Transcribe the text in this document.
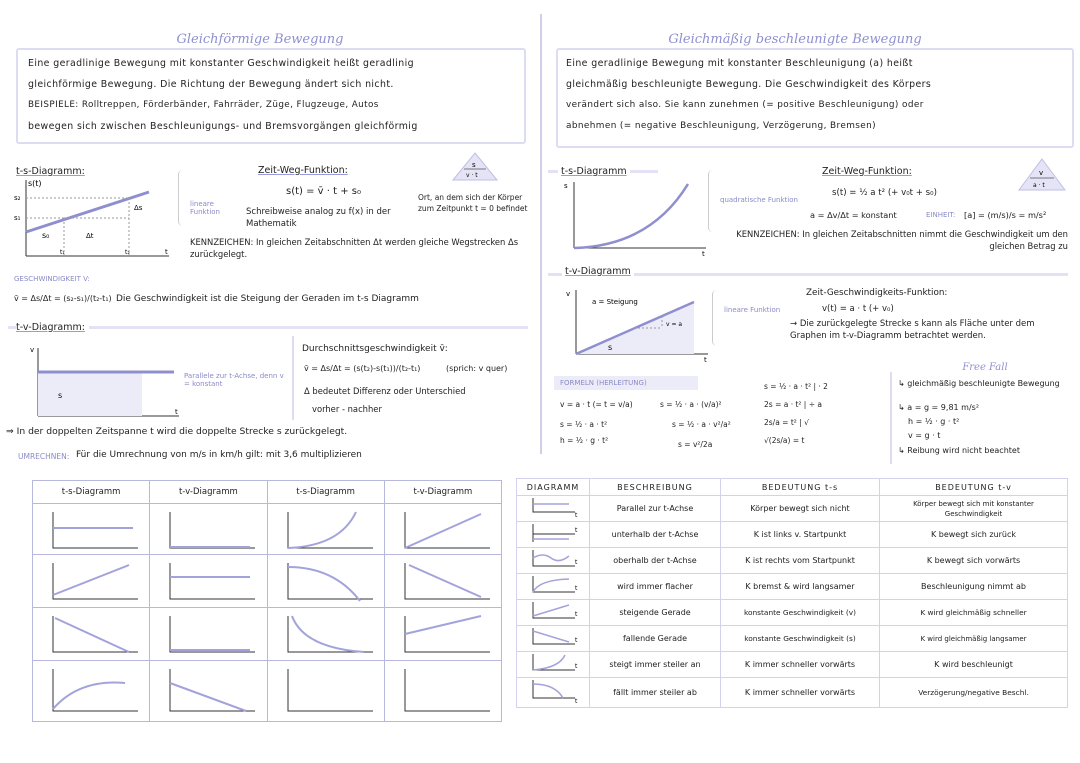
Gleichförmige Bewegung

Eine geradlinige Bewegung mit konstanter Geschwindigkeit heißt geradlinig

gleichförmige Bewegung. Die Richtung der Bewegung ändert sich nicht.

BEISPIELE: Rolltreppen, Förderbänder, Fahrräder, Züge, Flugzeuge, Autos

bewegen sich zwischen Beschleunigungs- und Bremsvorgängen gleichförmig

t-s-Diagramm:
s(t)
s₂
s₁
s₀
Δs
Δt
t₁	t₂	t
lineare Funktion
Zeit-Weg-Funktion:
s(t) = v̄ · t + s₀
Schreibweise analog zu f(x) in der Mathematik
Ort, an dem sich der Körper zum Zeitpunkt t = 0 befindet
s
v · t
KENNZEICHEN: In gleichen Zeitabschnitten Δt werden gleiche Wegstrecken Δs zurückgelegt.
GESCHWINDIGKEIT V:
v̄ = Δs/Δt = (s₂-s₁)/(t₂-t₁) Die Geschwindigkeit ist die Steigung der Geraden im t-s Diagramm
t-v-Diagramm:
v
s
t
Parallele zur t-Achse, denn v = konstant
Durchschnittsgeschwindigkeit v̄:
v̄ = Δs/Δt = (s(t₂)-s(t₁))/(t₂-t₁)	(sprich: v quer)
Δ bedeutet Differenz oder Unterschied
vorher - nachher
⇒ In der doppelten Zeitspanne t wird die doppelte Strecke s zurückgelegt.
UMRECHNEN: Für die Umrechnung von m/s in km/h gilt: mit 3,6 multiplizieren
Gleichmäßig beschleunigte Bewegung

Eine geradlinige Bewegung mit konstanter Beschleunigung (a) heißt

gleichmäßig beschleunigte Bewegung. Die Geschwindigkeit des Körpers

verändert sich also. Sie kann zunehmen (= positive Beschleunigung) oder

abnehmen (= negative Beschleunigung, Verzögerung, Bremsen)

t-s-Diagramm
s
t
quadratische Funktion
Zeit-Weg-Funktion:
s(t) = ½ a t² (+ v₀t + s₀)
a = Δv/Δt = konstant	EINHEIT: [a] = (m/s)/s = m/s²
v
a · t
KENNZEICHEN: In gleichen Zeitabschnitten nimmt die Geschwindigkeit um den gleichen Betrag zu
t-v-Diagramm
v
a = Steigung
v = a
s
t
lineare Funktion
Zeit-Geschwindigkeits-Funktion:
v(t) = a · t (+ v₀)
→ Die zurückgelegte Strecke s kann als Fläche unter dem Graphen im t-v-Diagramm betrachtet werden.
FORMELN (HERLEITUNG)
v = a · t (= t = v/a)	s = ½ · a · (v/a)²
s = ½ · a · t² | · 2
2s = a · t² | ÷ a
s = ½ · a · t²	s = ½ · a · v²/a²	2s/a = t² | √
h = ½ · g · t²	s = v²/2a	√(2s/a) = t
Free Fall
↳ gleichmäßig beschleunigte Bewegung
↳ a = g = 9,81 m/s²
h = ½ · g · t²
v = g · t
↳ Reibung wird nicht beachtet
t-s-Diagramm	t-v-Diagramm	t-s-Diagramm	t-v-Diagramm

		DIAGRAMM	BESCHREIBUNG	BEDEUTUNG t-s	BEDEUTUNG t-v

t	Parallel zur t-Achse	Körper bewegt sich nicht	Körper bewegt sich mit konstanter Geschwindigkeit

t	unterhalb der t-Achse	K ist links v. Startpunkt	K bewegt sich zurück

t	oberhalb der t-Achse	K ist rechts vom Startpunkt	K bewegt sich vorwärts

t	wird immer flacher	K bremst & wird langsamer	Beschleunigung nimmt ab

t	steigende Gerade	konstante Geschwindigkeit (v)	K wird gleichmäßig schneller

t	fallende Gerade	konstante Geschwindigkeit (s)	K wird gleichmäßig langsamer

t	steigt immer steiler an	K immer schneller vorwärts	K wird beschleunigt

t	fällt immer steiler ab	K immer schneller vorwärts	Verzögerung/negative Beschl.
